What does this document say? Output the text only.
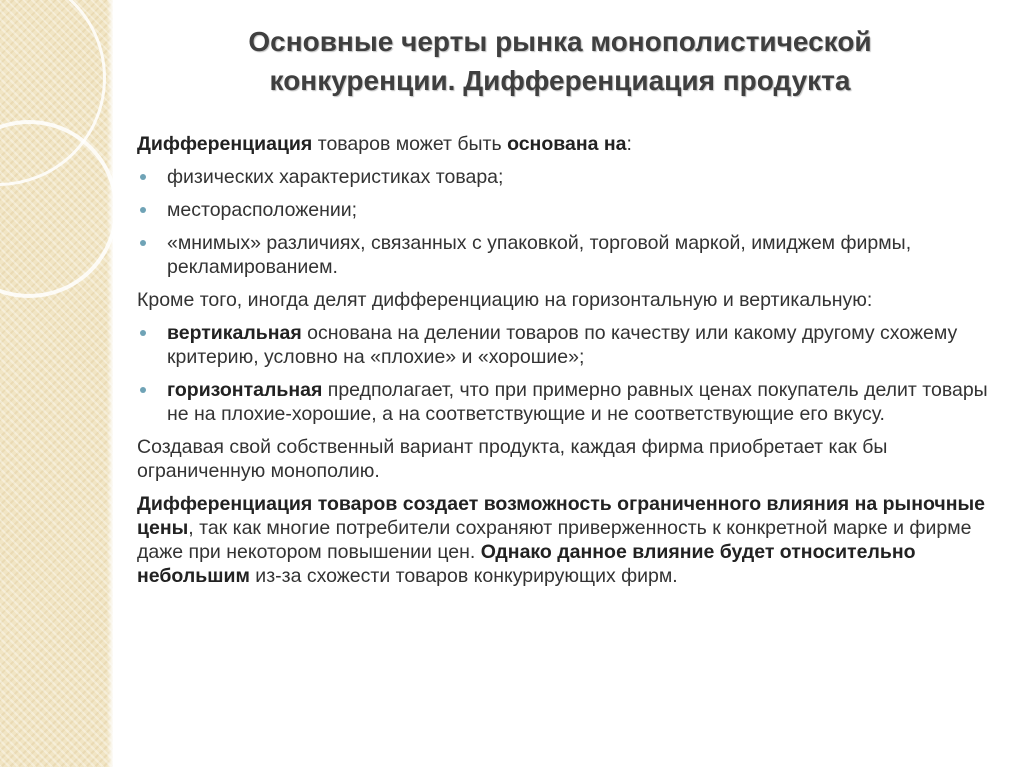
Основные черты рынка монополистической
конкуренции. Дифференциация продукта
Дифференциация товаров может быть основана на:
физических характеристиках товара;
месторасположении;
«мнимых» различиях, связанных с упаковкой, торговой маркой, имиджем фирмы, рекламированием.
Кроме того, иногда делят дифференциацию на горизонтальную и вертикальную:
вертикальная основана на делении товаров по качеству или какому другому схожему критерию, условно на «плохие» и «хорошие»;
горизонтальная предполагает, что при примерно равных ценах покупатель делит товары не на плохие-хорошие, а на соответствующие и не соответствующие его вкусу.
Создавая свой собственный вариант продукта, каждая фирма приобретает как бы ограниченную монополию.
Дифференциация товаров создает возможность ограниченного влияния на рыночные цены, так как многие потребители сохраняют приверженность к конкретной марке и фирме даже при некотором повышении цен. Однако данное влияние будет относительно небольшим из-за схожести товаров конкурирующих фирм.
